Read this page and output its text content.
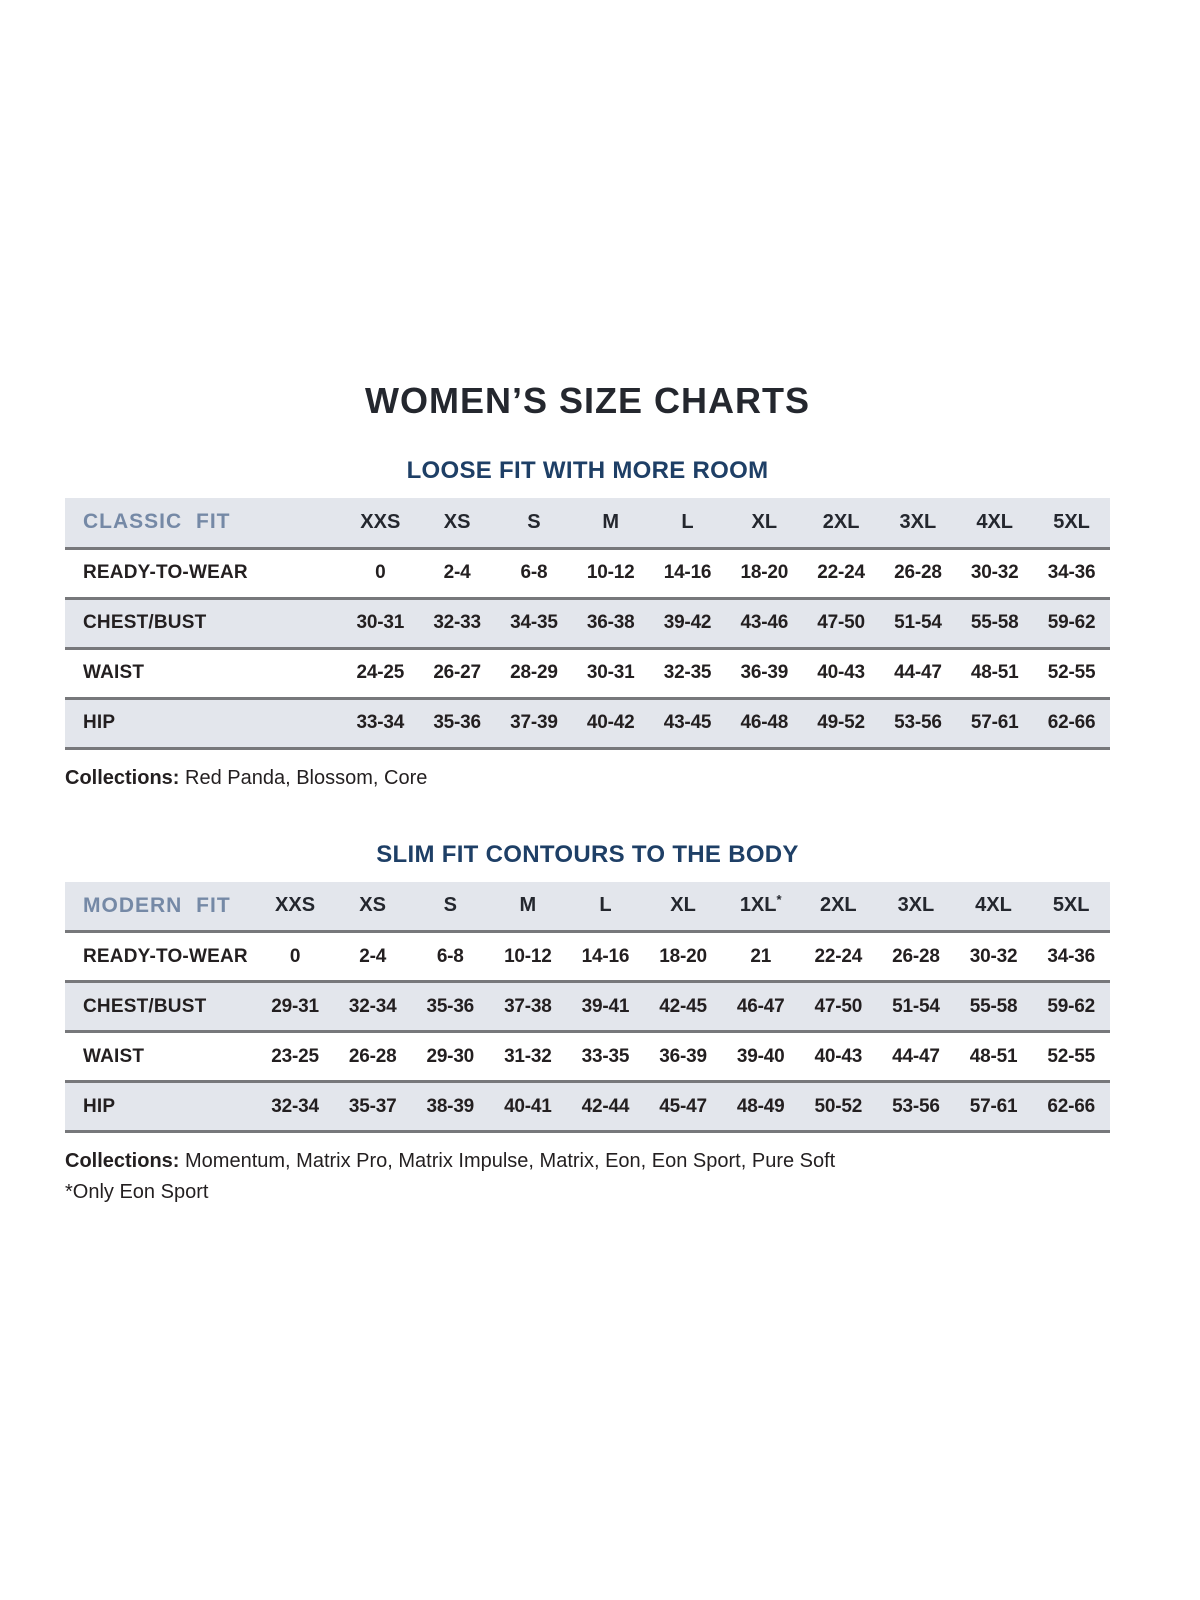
WOMEN’S SIZE CHARTS
LOOSE FIT WITH MORE ROOM
CLASSIC FIT	XXS	XS	S	M	L	XL	2XL	3XL	4XL	5XL
READY-TO-WEAR	0	2-4	6-8	10-12	14-16	18-20	22-24	26-28	30-32	34-36
CHEST/BUST	30-31	32-33	34-35	36-38	39-42	43-46	47-50	51-54	55-58	59-62
WAIST	24-25	26-27	28-29	30-31	32-35	36-39	40-43	44-47	48-51	52-55
HIP	33-34	35-36	37-39	40-42	43-45	46-48	49-52	53-56	57-61	62-66

Collections: Red Panda, Blossom, Core

SLIM FIT CONTOURS TO THE BODY
MODERN FIT	XXS	XS	S	M	L	XL	1XL*	2XL	3XL	4XL	5XL
READY-TO-WEAR	0	2-4	6-8	10-12	14-16	18-20	21	22-24	26-28	30-32	34-36
CHEST/BUST	29-31	32-34	35-36	37-38	39-41	42-45	46-47	47-50	51-54	55-58	59-62
WAIST	23-25	26-28	29-30	31-32	33-35	36-39	39-40	40-43	44-47	48-51	52-55
HIP	32-34	35-37	38-39	40-41	42-44	45-47	48-49	50-52	53-56	57-61	62-66

Collections: Momentum, Matrix Pro, Matrix Impulse, Matrix, Eon, Eon Sport, Pure Soft

*Only Eon Sport
